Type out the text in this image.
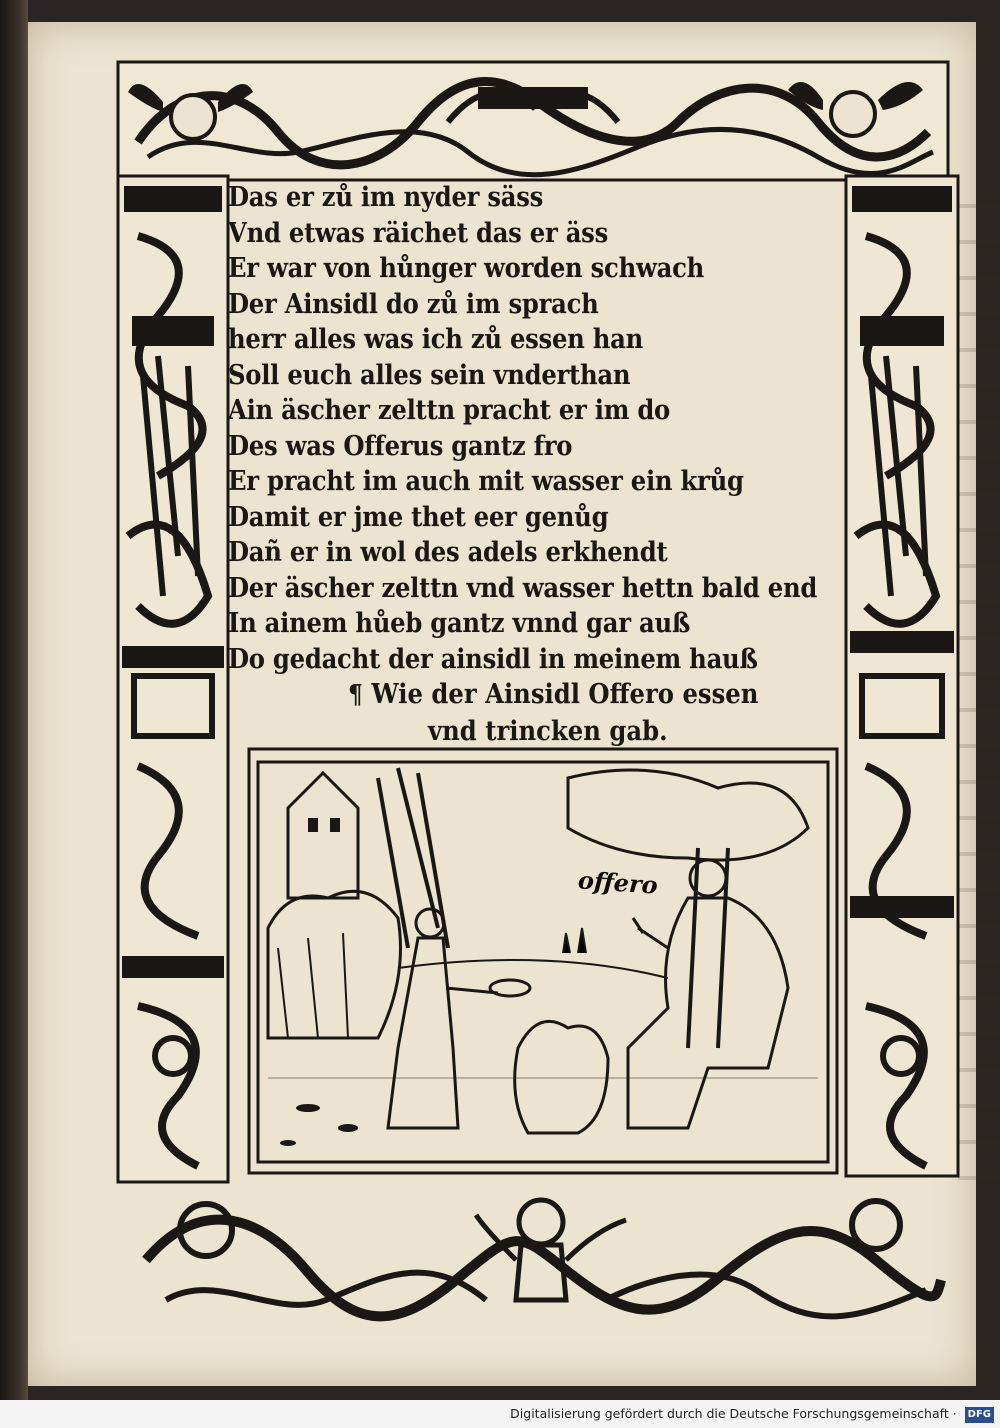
Das er zů im nyder säss
Vnd etwas räichet das er äss
Er war von hůnger worden schwach
Der Ainsidl do zů im sprach
herr alles was ich zů essen han
Soll euch alles sein vnderthan
Ain äscher zelttn pracht er im do
Des was Offerus gantz fro
Er pracht im auch mit wasser ein krůg
Damit er jme thet eer genůg
Dañ er in wol des adels erkhendt
Der äscher zelttn vnd wasser hettn bald end
In ainem hůeb gantz vnnd gar auß
Do gedacht der ainsidl in meinem hauß
¶ Wie der Ainsidl Offero essen
vnd trincken gab.
offero
Digitalisierung gefördert durch die Deutsche Forschungsgemeinschaft · DFG
